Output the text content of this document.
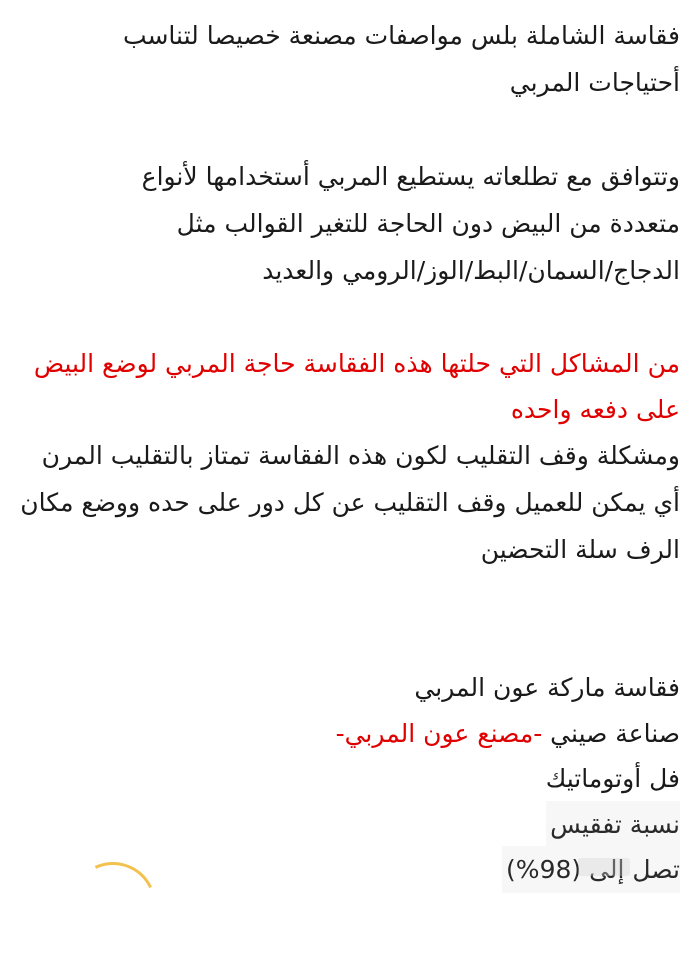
فقاسة الشاملة بلس مواصفات مصنعة خصيصا لتناسب
أحتياجات المربي
وتتوافق مع تطلعاته يستطيع المربي أستخدامها لأنواع
متعددة من البيض دون الحاجة للتغير القوالب مثل
الدجاج/السمان/البط/الوز/الرومي والعديد
من المشاكل التي حلتها هذه الفقاسة حاجة المربي لوضع البيض
على دفعه واحده
ومشكلة وقف التقليب لكون هذه الفقاسة تمتاز بالتقليب المرن
أي يمكن للعميل وقف التقليب عن كل دور على حده ووضع مكان
الرف سلة التحضين
فقاسة ماركة عون المربي
صناعة صيني -مصنع عون المربي-
فل أوتوماتيك
نسبة تفقيس
تصل إلى (98%)
